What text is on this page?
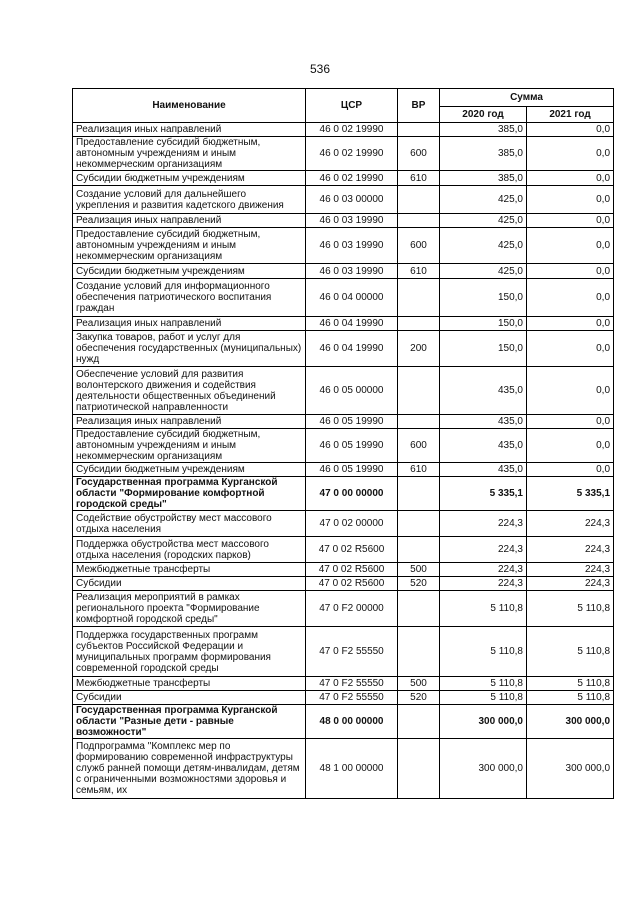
536
Наименование	ЦСР	ВР	Сумма	
			2020 год	2021 год
Реализация иных направлений	46 0 02 19990		385,0	0,0
Предоставление субсидий бюджетным, автономным учреждениям и иным некоммерческим организациям	46 0 02 19990	600	385,0	0,0
Субсидии бюджетным учреждениям	46 0 02 19990	610	385,0	0,0
Создание условий для дальнейшего укрепления и развития кадетского движения	46 0 03 00000		425,0	0,0
Реализация иных направлений	46 0 03 19990		425,0	0,0
Предоставление субсидий бюджетным, автономным учреждениям и иным некоммерческим организациям	46 0 03 19990	600	425,0	0,0
Субсидии бюджетным учреждениям	46 0 03 19990	610	425,0	0,0
Создание условий для информационного обеспечения патриотического воспитания граждан	46 0 04 00000		150,0	0,0
Реализация иных направлений	46 0 04 19990		150,0	0,0
Закупка товаров, работ и услуг для обеспечения государственных (муниципальных) нужд	46 0 04 19990	200	150,0	0,0
Обеспечение условий для развития волонтерского движения и содействия деятельности общественных объединений патриотической направленности	46 0 05 00000		435,0	0,0
Реализация иных направлений	46 0 05 19990		435,0	0,0
Предоставление субсидий бюджетным, автономным учреждениям и иным некоммерческим организациям	46 0 05 19990	600	435,0	0,0
Субсидии бюджетным учреждениям	46 0 05 19990	610	435,0	0,0
Государственная программа Курганской области "Формирование комфортной городской среды"	47 0 00 00000		5 335,1	5 335,1
Содействие обустройству мест массового отдыха населения	47 0 02 00000		224,3	224,3
Поддержка обустройства мест массового отдыха населения (городских парков)	47 0 02 R5600		224,3	224,3
Межбюджетные трансферты	47 0 02 R5600	500	224,3	224,3
Субсидии	47 0 02 R5600	520	224,3	224,3
Реализация мероприятий в рамках регионального проекта "Формирование комфортной городской среды"	47 0 F2 00000		5 110,8	5 110,8
Поддержка государственных программ субъектов Российской Федерации и муниципальных программ формирования современной городской среды	47 0 F2 55550		5 110,8	5 110,8
Межбюджетные трансферты	47 0 F2 55550	500	5 110,8	5 110,8
Субсидии	47 0 F2 55550	520	5 110,8	5 110,8
Государственная программа Курганской области "Разные дети - равные возможности"	48 0 00 00000		300 000,0	300 000,0
Подпрограмма "Комплекс мер по формированию современной инфраструктуры служб ранней помощи детям-инвалидам, детям с ограниченными возможностями здоровья и семьям, их	48 1 00 00000		300 000,0	300 000,0
